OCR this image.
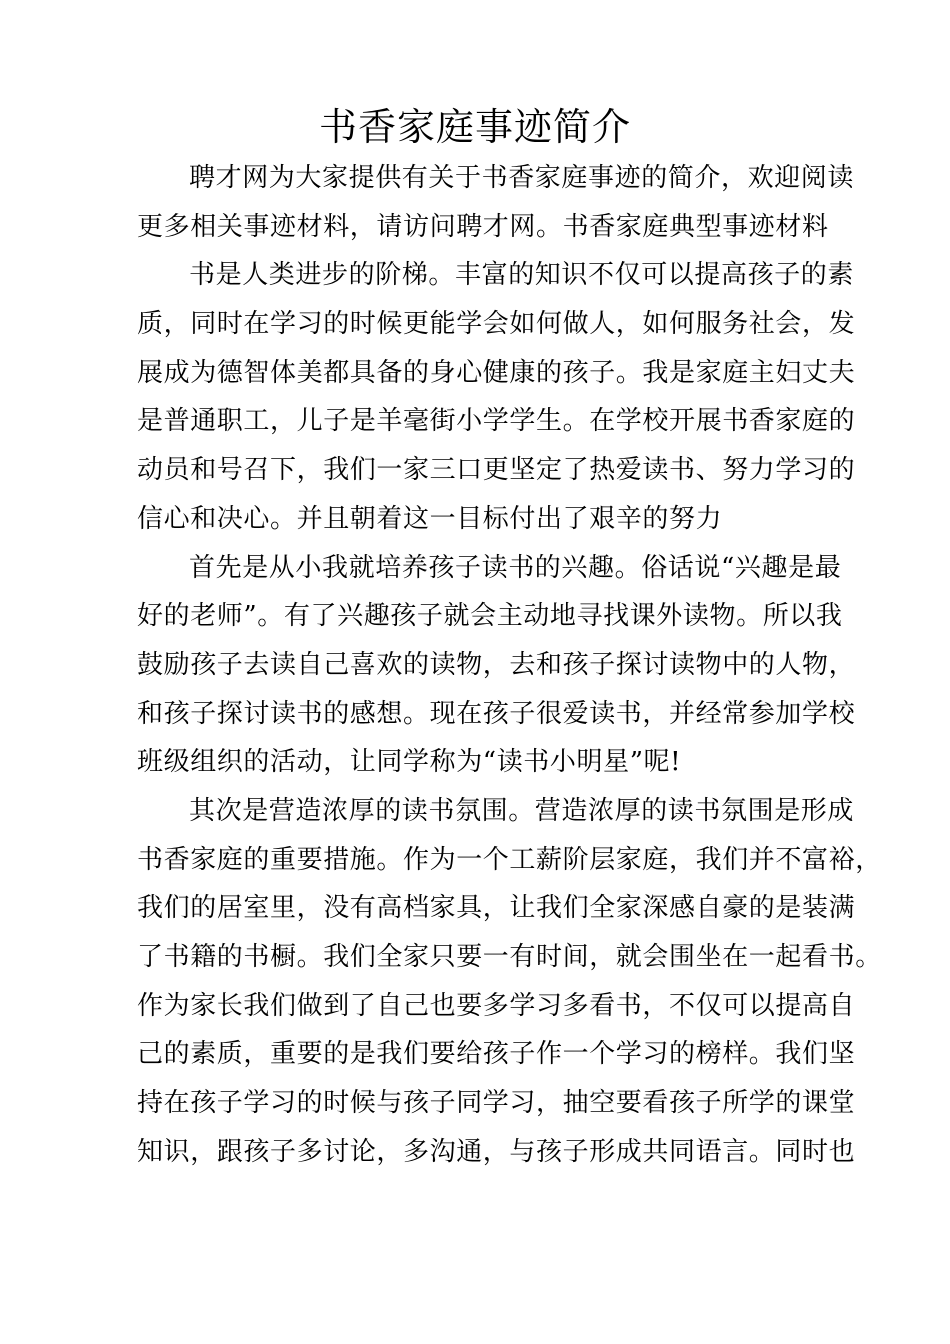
书香家庭事迹简介

聘才网为大家提供有关于书香家庭事迹的简介，欢迎阅读
更多相关事迹材料，请访问聘才网。书香家庭典型事迹材料

书是人类进步的阶梯。丰富的知识不仅可以提高孩子的素
质，同时在学习的时候更能学会如何做人，如何服务社会，发
展成为德智体美都具备的身心健康的孩子。我是家庭主妇丈夫
是普通职工，儿子是羊毫街小学学生。在学校开展书香家庭的
动员和号召下，我们一家三口更坚定了热爱读书、努力学习的
信心和决心。并且朝着这一目标付出了艰辛的努力

首先是从小我就培养孩子读书的兴趣。俗话说“兴趣是最
好的老师”。有了兴趣孩子就会主动地寻找课外读物。所以我
鼓励孩子去读自己喜欢的读物，去和孩子探讨读物中的人物，
和孩子探讨读书的感想。现在孩子很爱读书，并经常参加学校
班级组织的活动，让同学称为“读书小明星”呢!

其次是营造浓厚的读书氛围。营造浓厚的读书氛围是形成
书香家庭的重要措施。作为一个工薪阶层家庭，我们并不富裕，
我们的居室里，没有高档家具，让我们全家深感自豪的是装满
了书籍的书橱。我们全家只要一有时间，就会围坐在一起看书。
作为家长我们做到了自己也要多学习多看书，不仅可以提高自
己的素质，重要的是我们要给孩子作一个学习的榜样。我们坚
持在孩子学习的时候与孩子同学习，抽空要看孩子所学的课堂
知识，跟孩子多讨论，多沟通，与孩子形成共同语言。同时也
